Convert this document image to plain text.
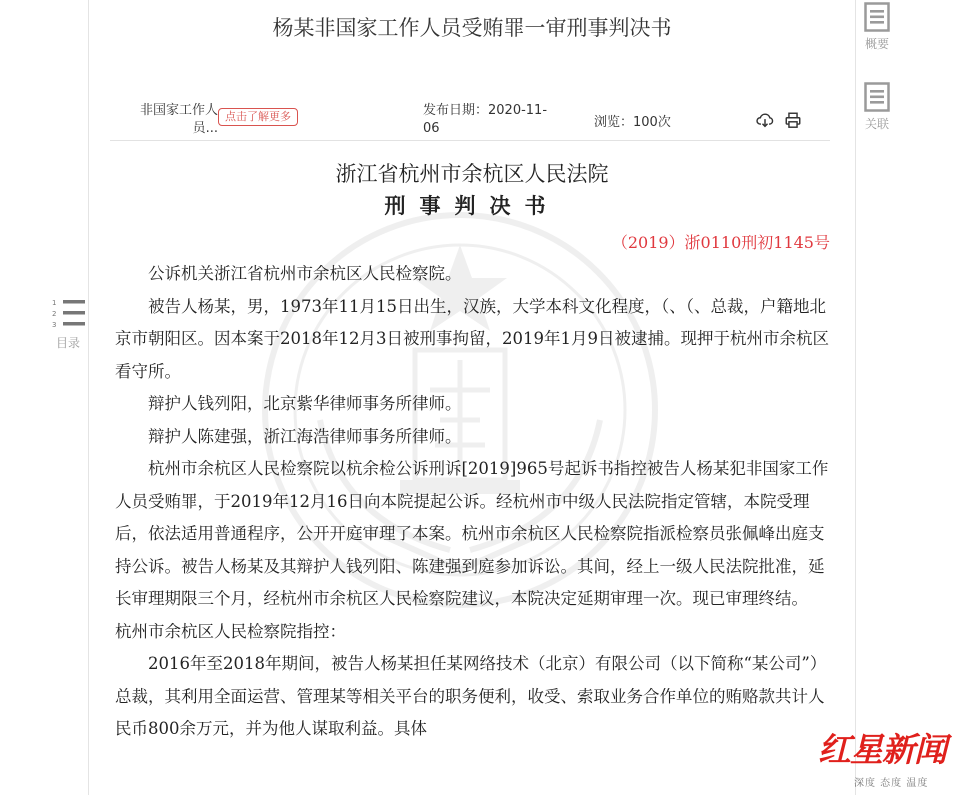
杨某非国家工作人员受贿罪一审刑事判决书
非国家工作人员...
点击了解更多	发布日期：2020-11-06	浏览：100次
概要
关联
1
2
3
目录
浙江省杭州市余杭区人民法院
刑事判决书
（2019）浙0110刑初1145号

公诉机关浙江省杭州市余杭区人民检察院。

被告人杨某，男，1973年11月15日出生，汉族，大学本科文化程度，（、（、总裁，户籍地北京市朝阳区。因本案于2018年12月3日被刑事拘留，2019年1月9日被逮捕。现押于杭州市余杭区看守所。

辩护人钱列阳，北京紫华律师事务所律师。

辩护人陈建强，浙江海浩律师事务所律师。

杭州市余杭区人民检察院以杭余检公诉刑诉[2019]965号起诉书指控被告人杨某犯非国家工作人员受贿罪，于2019年12月16日向本院提起公诉。经杭州市中级人民法院指定管辖，本院受理后，依法适用普通程序，公开开庭审理了本案。杭州市余杭区人民检察院指派检察员张佩峰出庭支持公诉。被告人杨某及其辩护人钱列阳、陈建强到庭参加诉讼。其间，经上一级人民法院批准，延长审理期限三个月，经杭州市余杭区人民检察院建议，本院决定延期审理一次。现已审理终结。

杭州市余杭区人民检察院指控：

2016年至2018年期间，被告人杨某担任某网络技术（北京）有限公司（以下简称“某公司”）总裁，其利用全面运营、管理某等相关平台的职务便利，收受、索取业务合作单位的贿赂款共计人民币800余万元，并为他人谋取利益。具体

红星新闻
深度 态度 温度
